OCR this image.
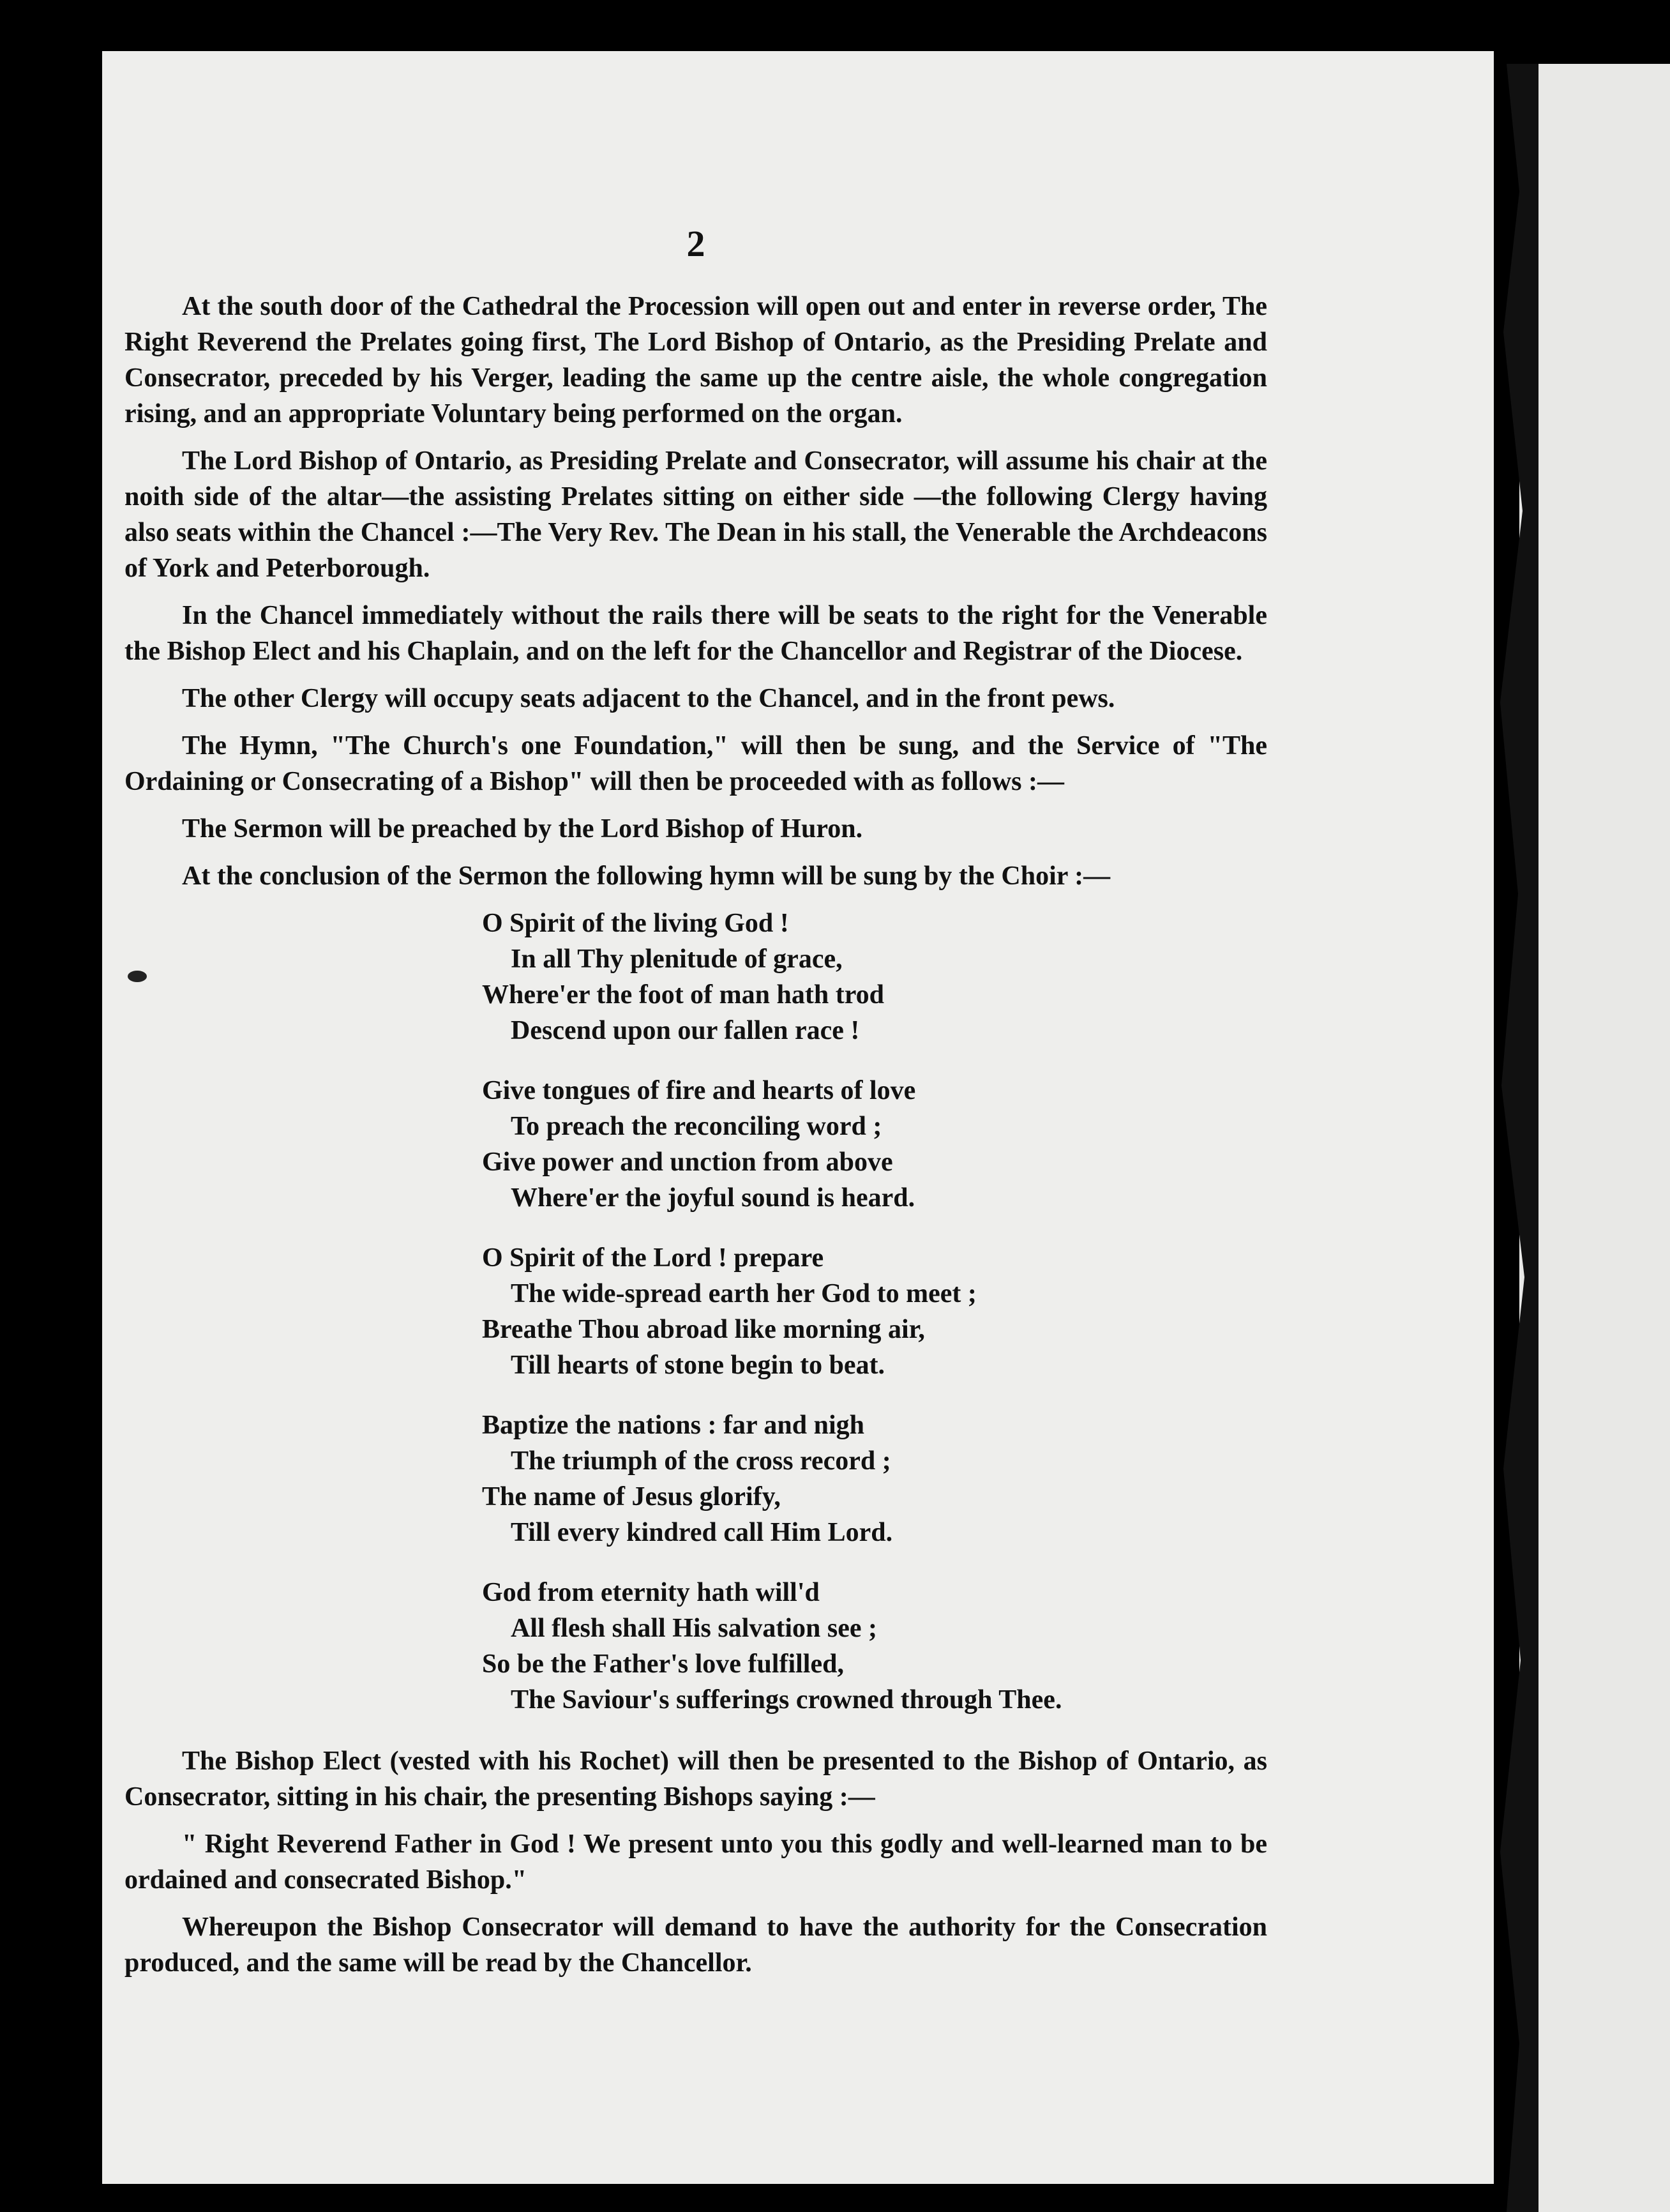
2

At the south door of the Cathedral the Procession will open out and enter in reverse order, The Right Reverend the Prelates going first, The Lord Bishop of Ontario, as the Presiding Prelate and Consecrator, preceded by his Verger, leading the same up the centre aisle, the whole congregation rising, and an appropriate Voluntary being performed on the organ.

The Lord Bishop of Ontario, as Presiding Prelate and Consecrator, will assume his chair at the noith side of the altar—the assisting Prelates sitting on either side —the following Clergy having also seats within the Chancel :—The Very Rev. The Dean in his stall, the Venerable the Archdeacons of York and Peterborough.

In the Chancel immediately without the rails there will be seats to the right for the Venerable the Bishop Elect and his Chaplain, and on the left for the Chancellor and Registrar of the Diocese.

The other Clergy will occupy seats adjacent to the Chancel, and in the front pews.

The Hymn, "The Church's one Foundation," will then be sung, and the Service of "The Ordaining or Consecrating of a Bishop" will then be proceeded with as follows :—

The Sermon will be preached by the Lord Bishop of Huron.

At the conclusion of the Sermon the following hymn will be sung by the Choir :—

O Spirit of the living God !
In all Thy plenitude of grace,
Where'er the foot of man hath trod
Descend upon our fallen race !
Give tongues of fire and hearts of love
To preach the reconciling word ;
Give power and unction from above
Where'er the joyful sound is heard.
O Spirit of the Lord ! prepare
The wide-spread earth her God to meet ;
Breathe Thou abroad like morning air,
Till hearts of stone begin to beat.
Baptize the nations : far and nigh
The triumph of the cross record ;
The name of Jesus glorify,
Till every kindred call Him Lord.
God from eternity hath will'd
All flesh shall His salvation see ;
So be the Father's love fulfilled,
The Saviour's sufferings crowned through Thee.

The Bishop Elect (vested with his Rochet) will then be presented to the Bishop of Ontario, as Consecrator, sitting in his chair, the presenting Bishops saying :—

" Right Reverend Father in God ! We present unto you this godly and well-learned man to be ordained and consecrated Bishop."

Whereupon the Bishop Consecrator will demand to have the authority for the Consecration produced, and the same will be read by the Chancellor.
